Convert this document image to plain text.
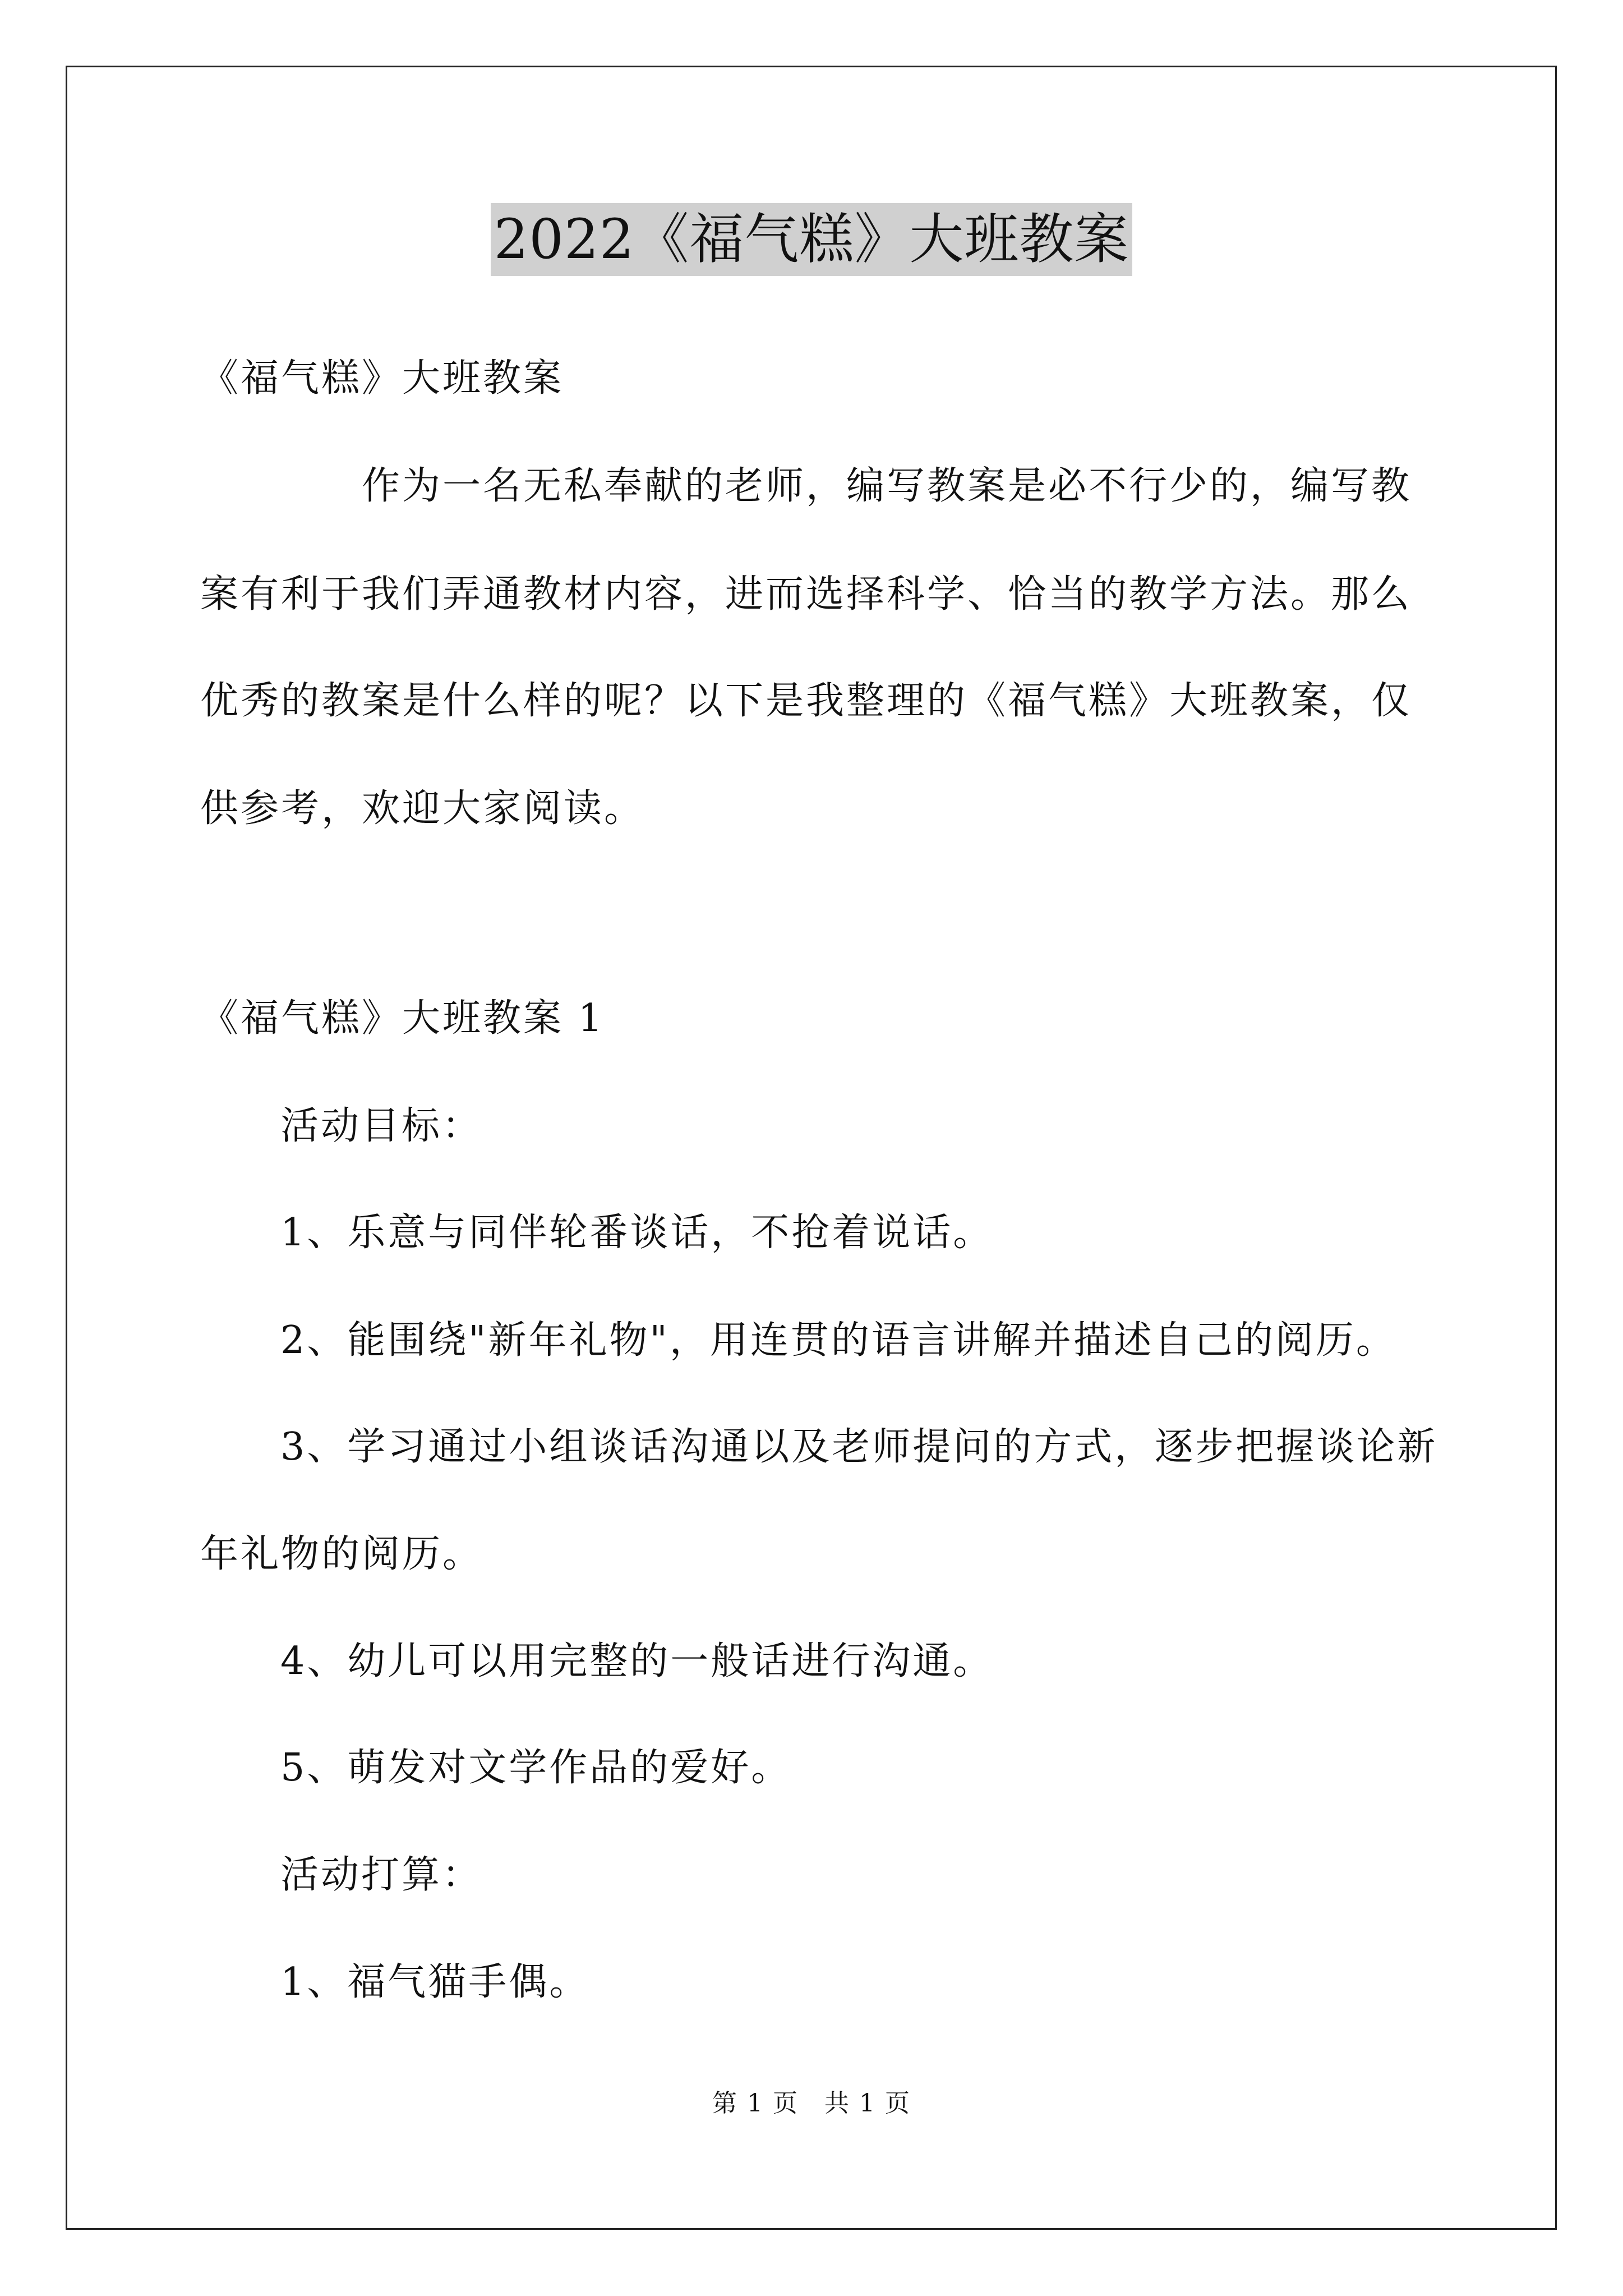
2022《福气糕》大班教案
《福气糕》大班教案
作为一名无私奉献的老师，编写教案是必不行少的，编写教
案有利于我们弄通教材内容，进而选择科学、恰当的教学方法。那么
优秀的教案是什么样的呢？以下是我整理的《福气糕》大班教案，仅
供参考，欢迎大家阅读。
《福气糕》大班教案 1
活动目标：
1、乐意与同伴轮番谈话，不抢着说话。
2、能围绕"新年礼物"，用连贯的语言讲解并描述自己的阅历。
3、学习通过小组谈话沟通以及老师提问的方式，逐步把握谈论新
年礼物的阅历。
4、幼儿可以用完整的一般话进行沟通。
5、萌发对文学作品的爱好。
活动打算：
1、福气猫手偶。
第 1 页　共 1 页
